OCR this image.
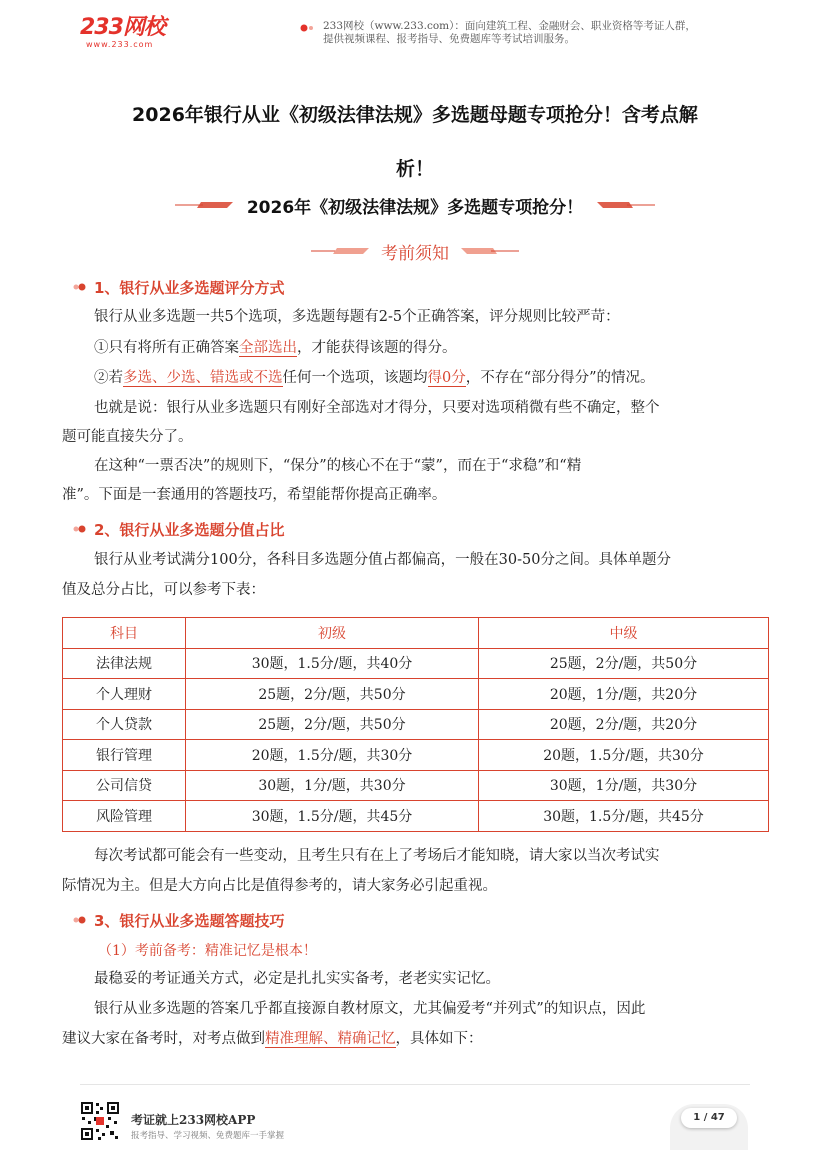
233网校
www.233.com
233网校（www.233.com）：面向建筑工程、金融财会、职业资格等考证人群，
提供视频课程、报考指导、免费题库等考试培训服务。
2026年银行从业《初级法律法规》多选题母题专项抢分！含考点解
析！
2026年《初级法律法规》多选题专项抢分！
考前须知
1、银行从业多选题评分方式
银行从业多选题一共5个选项，多选题每题有2-5个正确答案，评分规则比较严苛：
①只有将所有正确答案全部选出，才能获得该题的得分。
②若多选、少选、错选或不选任何一个选项，该题均得0分，不存在“部分得分”的情况。
也就是说：银行从业多选题只有刚好全部选对才得分，只要对选项稍微有些不确定，整个
题可能直接失分了。
在这种“一票否决”的规则下，“保分”的核心不在于“蒙”，而在于“求稳”和“精
准”。下面是一套通用的答题技巧，希望能帮你提高正确率。
2、银行从业多选题分值占比
银行从业考试满分100分，各科目多选题分值占都偏高，一般在30-50分之间。具体单题分
值及总分占比，可以参考下表：
科目	初级	中级
法律法规	30题，1.5分/题，共40分	25题，2分/题，共50分
个人理财	25题，2分/题，共50分	20题，1分/题，共20分
个人贷款	25题，2分/题，共50分	20题，2分/题，共20分
银行管理	20题，1.5分/题，共30分	20题，1.5分/题，共30分
公司信贷	30题，1分/题，共30分	30题，1分/题，共30分
风险管理	30题，1.5分/题，共45分	30题，1.5分/题，共45分
每次考试都可能会有一些变动，且考生只有在上了考场后才能知晓，请大家以当次考试实
际情况为主。但是大方向占比是值得参考的，请大家务必引起重视。
3、银行从业多选题答题技巧
（1）考前备考：精准记忆是根本！
最稳妥的考证通关方式，必定是扎扎实实备考，老老实实记忆。
银行从业多选题的答案几乎都直接源自教材原文，尤其偏爱考“并列式”的知识点，因此
建议大家在备考时，对考点做到精准理解、精确记忆，具体如下：
考证就上233网校APP
报考指导、学习视频、免费题库一手掌握
1 / 47
